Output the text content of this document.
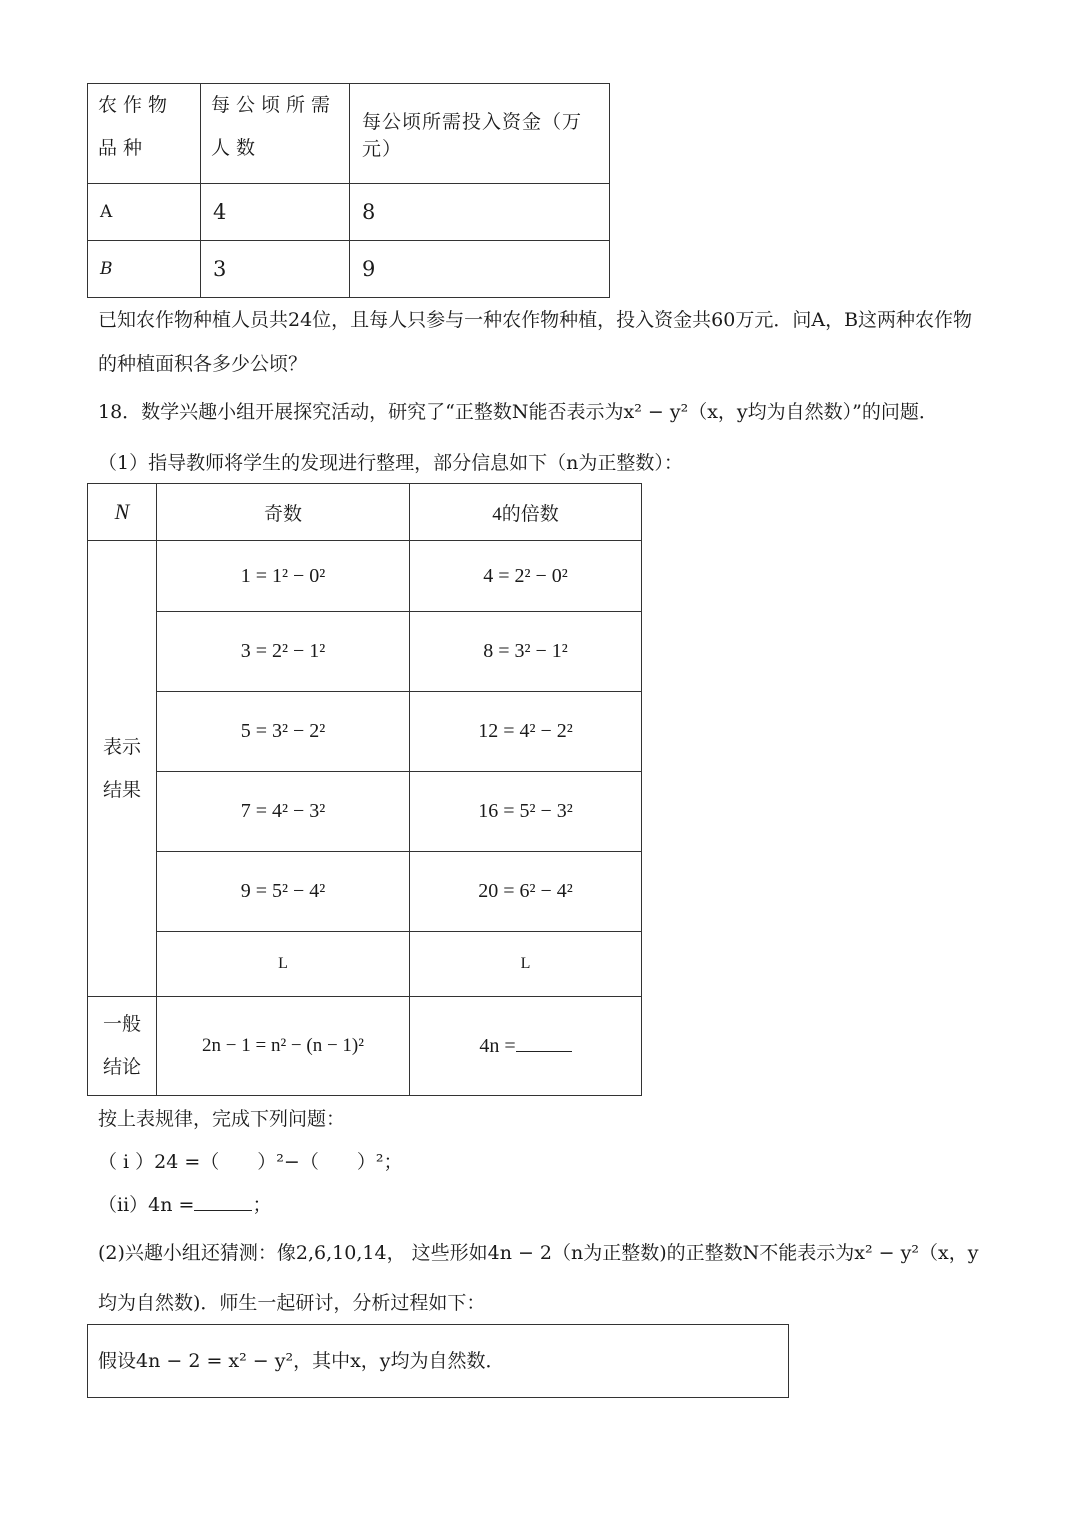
农作物品种	每公顷所需人数	每公顷所需投入资金（万元）
A	4	8
B	3	9
已知农作物种植人员共24位，且每人只参与一种农作物种植，投入资金共60万元．问A，B这两种农作物
的种植面积各多少公顷？
18．数学兴趣小组开展探究活动，研究了“正整数N能否表示为x² − y²（x，y均为自然数）”的问题．
（1）指导教师将学生的发现进行整理，部分信息如下（n为正整数）：
N	奇数	4的倍数
表示结果	1 = 1² − 0²	4 = 2² − 0²
	3 = 2² − 1²	8 = 3² − 1²
	5 = 3² − 2²	12 = 4² − 2²
	7 = 4² − 3²	16 = 5² − 3²
	9 = 5² − 4²	20 = 6² − 4²
	L	L
一般结论	2n − 1 = n² − (n − 1)²	4n =
按上表规律，完成下列问题：
（ i ）24 =（　　）²−（　　）²；
（ii）4n =	；
(2)兴趣小组还猜测：像2,6,10,14， 这些形如4n − 2（n为正整数)的正整数N不能表示为x² − y²（x，y
均为自然数)．师生一起研讨，分析过程如下：
假设4n − 2 = x² − y²，其中x，y均为自然数．
